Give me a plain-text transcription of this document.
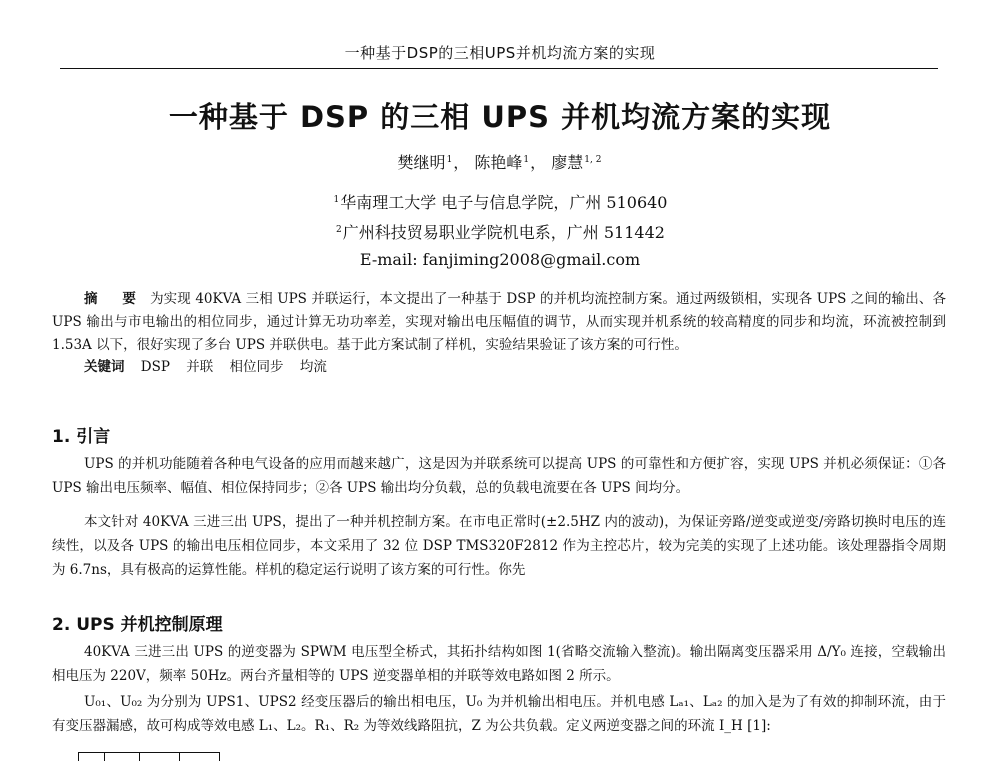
一种基于DSP的三相UPS并机均流方案的实现
一种基于 DSP 的三相 UPS 并机均流方案的实现
樊继明$^1$， 陈艳峰$^1$， 廖慧$^{1, 2}$
$^1$华南理工大学 电子与信息学院，广州 510640
$^2$广州科技贸易职业学院机电系，广州 511442
E-mail: fanjiming2008@gmail.com
摘 要 为实现 40KVA 三相 UPS 并联运行，本文提出了一种基于 DSP 的并机均流控制方案。通过两级锁相，实现各 UPS 之间的输出、各 UPS 输出与市电输出的相位同步，通过计算无功功率差，实现对输出电压幅值的调节，从而实现并机系统的较高精度的同步和均流，环流被控制到 1.53A 以下，很好实现了多台 UPS 并联供电。基于此方案试制了样机，实验结果验证了该方案的可行性。
关键词 DSP 并联 相位同步 均流
1. 引言
UPS 的并机功能随着各种电气设备的应用而越来越广，这是因为并联系统可以提高 UPS 的可靠性和方便扩容，实现 UPS 并机必须保证：①各 UPS 输出电压频率、幅值、相位保持同步；②各 UPS 输出均分负载，总的负载电流要在各 UPS 间均分。
本文针对 40KVA 三进三出 UPS，提出了一种并机控制方案。在市电正常时(±2.5HZ 内的波动)，为保证旁路/逆变或逆变/旁路切换时电压的连续性，以及各 UPS 的输出电压相位同步，本文采用了 32 位 DSP TMS320F2812 作为主控芯片，较为完美的实现了上述功能。该处理器指令周期为 6.7ns，具有极高的运算性能。样机的稳定运行说明了该方案的可行性。你先
2. UPS 并机控制原理
40KVA 三进三出 UPS 的逆变器为 SPWM 电压型全桥式，其拓扑结构如图 1(省略交流输入整流)。输出隔离变压器采用 Δ/Y₀ 连接，空载输出相电压为 220V，频率 50Hz。两台齐量相等的 UPS 逆变器单相的并联等效电路如图 2 所示。
U₀₁、U₀₂ 为分别为 UPS1、UPS2 经变压器后的输出相电压，U₀ 为并机输出相电压。并机电感 Lₐ₁、Lₐ₂ 的加入是为了有效的抑制环流，由于有变压器漏感，故可构成等效电感 L₁、L₂。R₁、R₂ 为等效线路阻抗，Z 为公共负载。定义两逆变器之间的环流 I_H [1]:
